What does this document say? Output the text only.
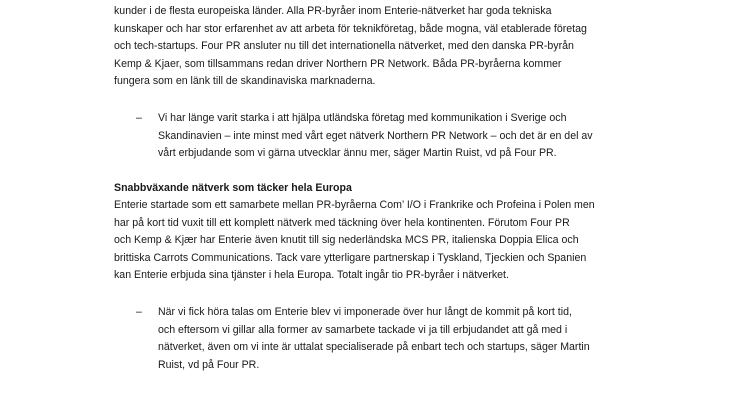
kunder i de flesta europeiska länder. Alla PR-byråer inom Enterie-nätverket har goda tekniska
kunskaper och har stor erfarenhet av att arbeta för teknikföretag, både mogna, väl etablerade företag
och tech-startups. Four PR ansluter nu till det internationella nätverket, med den danska PR-byrån
Kemp & Kjaer, som tillsammans redan driver Northern PR Network. Båda PR-byråerna kommer
fungera som en länk till de skandinaviska marknaderna.

– Vi har länge varit starka i att hjälpa utländska företag med kommunikation i Sverige och
Skandinavien – inte minst med vårt eget nätverk Northern PR Network – och det är en del av
vårt erbjudande som vi gärna utvecklar ännu mer, säger Martin Ruist, vd på Four PR.

Snabbväxande nätverk som täcker hela Europa

Enterie startade som ett samarbete mellan PR-byråerna Com’ I/O i Frankrike och Profeina i Polen men
har på kort tid vuxit till ett komplett nätverk med täckning över hela kontinenten. Förutom Four PR
och Kemp & Kjær har Enterie även knutit till sig nederländska MCS PR, italienska Doppia Elica och
brittiska Carrots Communications. Tack vare ytterligare partnerskap i Tyskland, Tjeckien och Spanien
kan Enterie erbjuda sina tjänster i hela Europa. Totalt ingår tio PR-byråer i nätverket.

– När vi fick höra talas om Enterie blev vi imponerade över hur långt de kommit på kort tid,
och eftersom vi gillar alla former av samarbete tackade vi ja till erbjudandet att gå med i
nätverket, även om vi inte är uttalat specialiserade på enbart tech och startups, säger Martin
Ruist, vd på Four PR.
